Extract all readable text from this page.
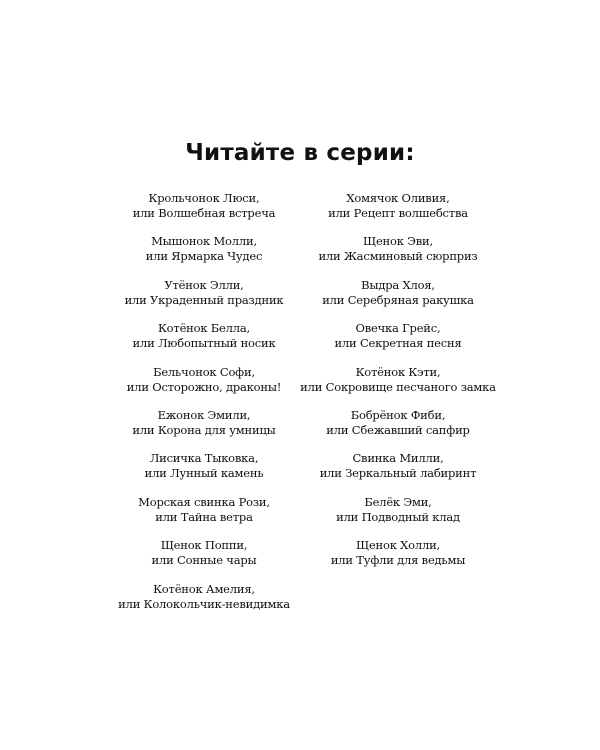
Читайте в серии:
Крольчонок Люси,
или Волшебная встреча
Мышонок Молли,
или Ярмарка Чудес
Утёнок Элли,
или Украденный праздник
Котёнок Белла,
или Любопытный носик
Бельчонок Софи,
или Осторожно, драконы!
Ежонок Эмили,
или Корона для умницы
Лисичка Тыковка,
или Лунный камень
Морская свинка Рози,
или Тайна ветра
Щенок Поппи,
или Сонные чары
Котёнок Амелия,
или Колокольчик-невидимка
Хомячок Оливия,
или Рецепт волшебства
Щенок Эви,
или Жасминовый сюрприз
Выдра Хлоя,
или Серебряная ракушка
Овечка Грейс,
или Секретная песня
Котёнок Кэти,
или Сокровище песчаного замка
Бобрёнок Фиби,
или Сбежавший сапфир
Свинка Милли,
или Зеркальный лабиринт
Белёк Эми,
или Подводный клад
Щенок Холли,
или Туфли для ведьмы
